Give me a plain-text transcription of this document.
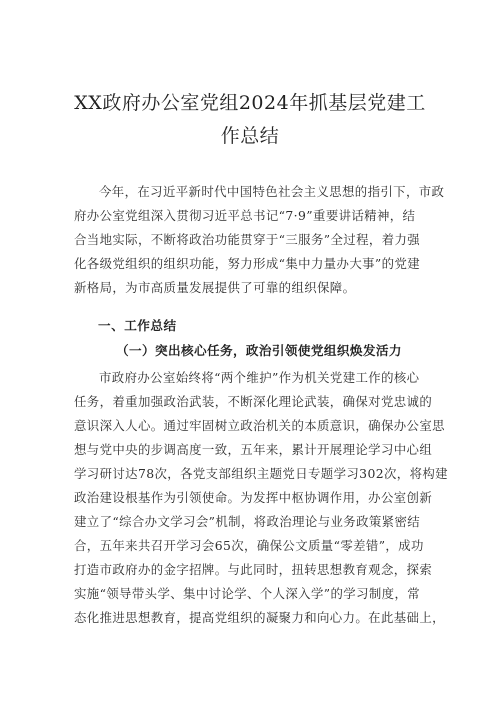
XX政府办公室党组2024年抓基层党建工
作总结
今年，在习近平新时代中国特色社会主义思想的指引下，市政
府办公室党组深入贯彻习近平总书记“7·9”重要讲话精神，结
合当地实际，不断将政治功能贯穿于“三服务”全过程，着力强
化各级党组织的组织功能，努力形成“集中力量办大事”的党建
新格局，为市高质量发展提供了可靠的组织保障。
一、工作总结
（一）突出核心任务，政治引领使党组织焕发活力
市政府办公室始终将“两个维护”作为机关党建工作的核心
任务，着重加强政治武装，不断深化理论武装，确保对党忠诚的
意识深入人心。通过牢固树立政治机关的本质意识，确保办公室思
想与党中央的步调高度一致，五年来，累计开展理论学习中心组
学习研讨达78次，各党支部组织主题党日专题学习302次，将构建
政治建设根基作为引领使命。为发挥中枢协调作用，办公室创新
建立了“综合办文学习会”机制，将政治理论与业务政策紧密结
合，五年来共召开学习会65次，确保公文质量“零差错”，成功
打造市政府办的金字招牌。与此同时，扭转思想教育观念，探索
实施“领导带头学、集中讨论学、个人深入学”的学习制度，常
态化推进思想教育，提高党组织的凝聚力和向心力。在此基础上，
